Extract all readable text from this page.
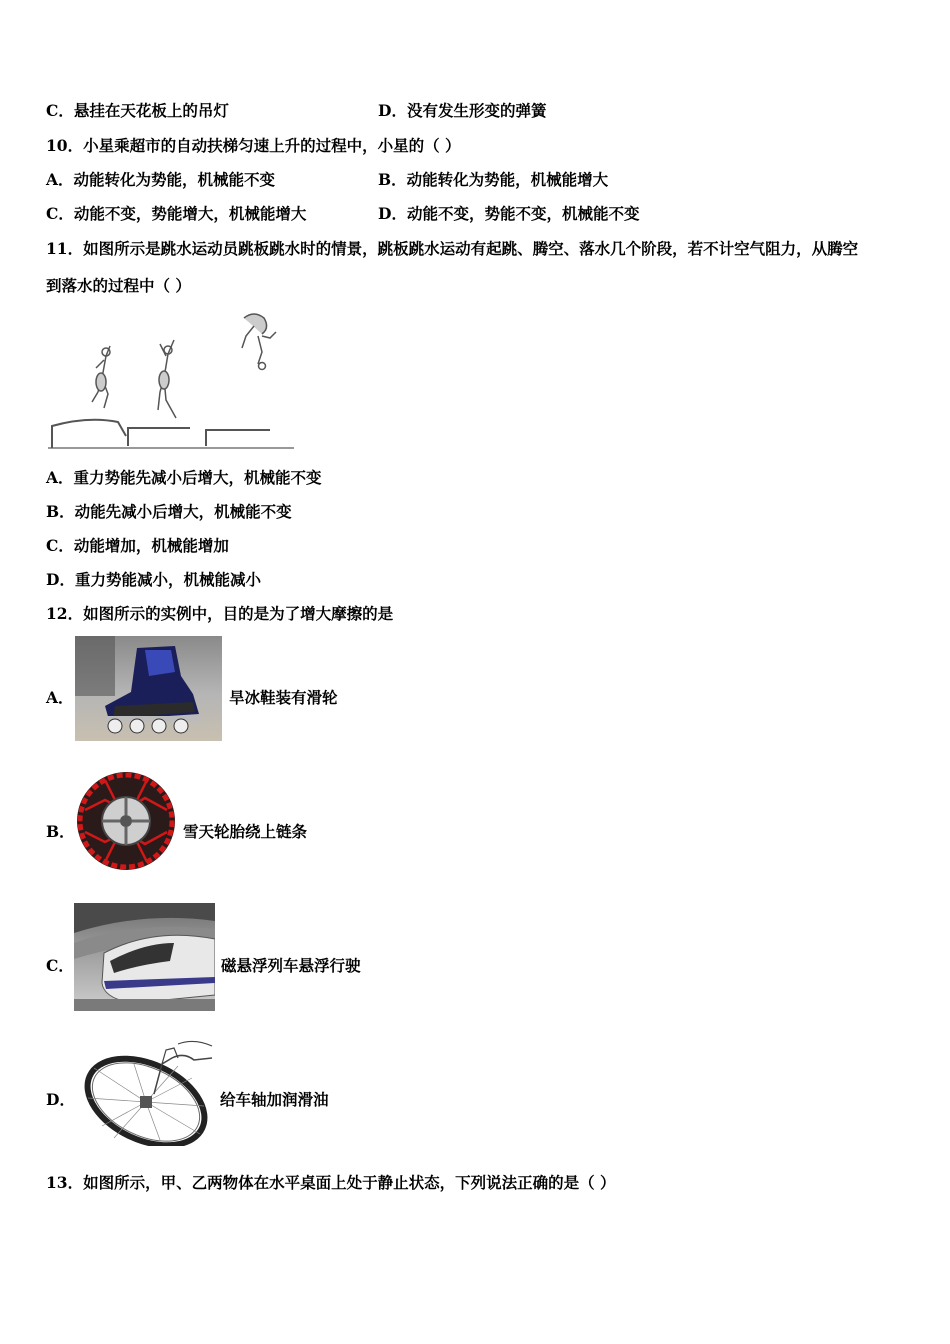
C．悬挂在天花板上的吊灯	D．没有发生形变的弹簧
10．小星乘超市的自动扶梯匀速上升的过程中，小星的（ ）
A．动能转化为势能，机械能不变	B．动能转化为势能，机械能增大
C．动能不变，势能增大，机械能增大	D．动能不变，势能不变，机械能不变
11．如图所示是跳水运动员跳板跳水时的情景，跳板跳水运动有起跳、腾空、落水几个阶段，若不计空气阻力，从腾空
到落水的过程中（ ）
A．重力势能先减小后增大，机械能不变
B．动能先减小后增大，机械能不变
C．动能增加，机械能增加
D．重力势能减小，机械能减小
12．如图所示的实例中，目的是为了增大摩擦的是
A．	旱冰鞋装有滑轮
B．	雪天轮胎绕上链条
C．	磁悬浮列车悬浮行驶
D．	给车轴加润滑油
13．如图所示，甲、乙两物体在水平桌面上处于静止状态，下列说法正确的是（ ）
